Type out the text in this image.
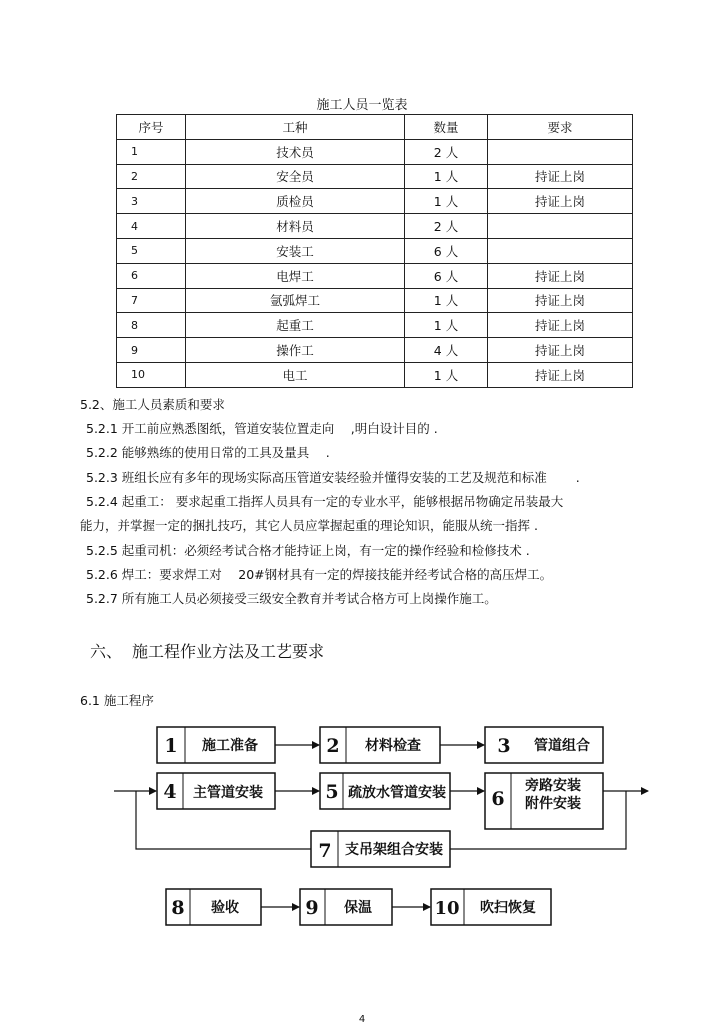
施工人员一览表
序号	工种	数量	要求
1	技术员	2 人	
2	安全员	1 人	持证上岗
3	质检员	1 人	持证上岗
4	材料员	2 人	
5	安装工	6 人	
6	电焊工	6 人	持证上岗
7	氩弧焊工	1 人	持证上岗
8	起重工	1 人	持证上岗
9	操作工	4 人	持证上岗
10	电工	1 人	持证上岗
5.2、施工人员素质和要求
5.2.1 开工前应熟悉图纸，管道安装位置走向　 ,明白设计目的 .
5.2.2 能够熟练的使用日常的工具及量具　 .
5.2.3 班组长应有多年的现场实际高压管道安装经验并懂得安装的工艺及规范和标准　　 .
5.2.4 起重工： 要求起重工指挥人员具有一定的专业水平，能够根据吊物确定吊装最大
能力，并掌握一定的捆扎技巧，其它人员应掌握起重的理论知识，能服从统一指挥 .
5.2.5 起重司机：必须经考试合格才能持证上岗，有一定的操作经验和检修技术 .
5.2.6 焊工：要求焊工对　 20#钢材具有一定的焊接技能并经考试合格的高压焊工。
5.2.7 所有施工人员必须接受三级安全教育并考试合格方可上岗操作施工。
六、 施工程作业方法及工艺要求
6.1 施工程序
1 施工准备	2 材料检查	3 管道组合
4 主管道安装	5 疏放水管道安装 6
旁路安装
附件安装
7 支吊架组合安装
8 验收	9 保温	10 吹扫恢复
4
